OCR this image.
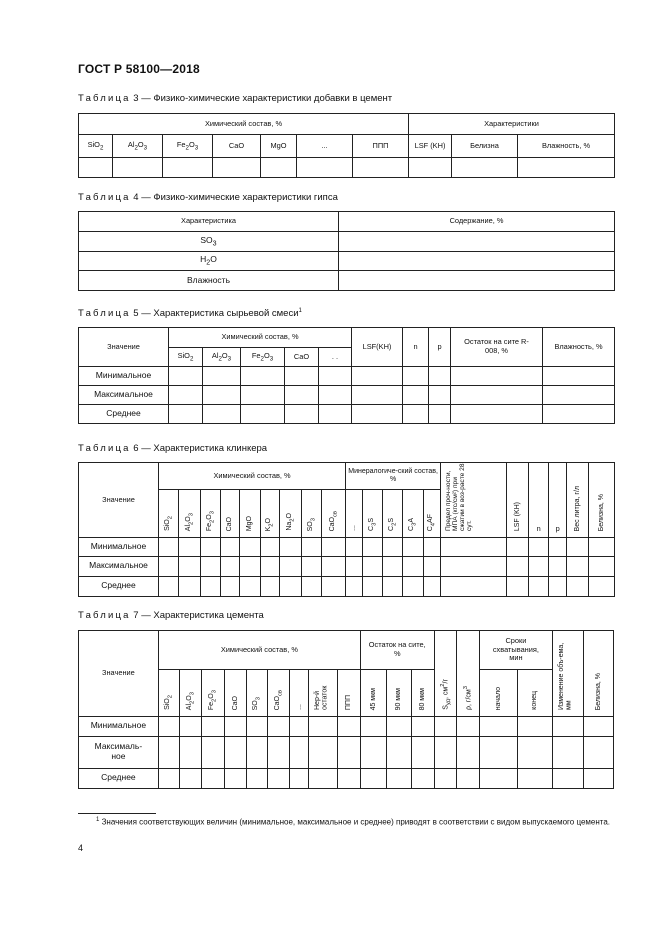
ГОСТ Р 58100—2018
Таблица 3 — Физико-химические характеристики добавки в цемент
Химический состав, %							Характеристики		
SiO$_2$	$Al_2O_3$	$Fe_2O_3$	CaO	MgO	...	ППП	LSF (KH)	Белизна	Влажность, %

Таблица 4 — Физико-химические характеристики гипса
Характеристика	Содержание, %
$SO_3$	
$H_2O$	
Влажность	
Таблица 5 — Характеристика сырьевой смеси$^1$
Значение	Химический состав, %					LSF(KH)	n	p	Остаток на сите R-008, %	Влажность, %
	SiO$_2$	$Al_2O_3$	$Fe_2O_3$	CaO	. .					
Минимальное										
Максимальное										
Среднее										
Таблица 6 — Характеристика клинкера
Значение	Химический состав, %									Минералогиче-ский состав, %					Предел проч-ности, МПА (кгс/см²) при сжатии в воз-расте 28 сут.	LSF (KH)	n	p	Вес литра, г/л	Белизна, %
	SiO$_2$	$Al_2O_3$	$Fe_2O_3$	CaO	MgO	$K_2O$	$Na_2O$	$SO_3$	CaO$_{св}$	...	$C_3S$	$C_2S$	$C_3A$	$C_4AF$						
Минимальное																				
Максимальное																				
Среднее																				
Таблица 7 — Характеристика цемента
Значение	Химический состав, %									Остаток на сите, %			$S_{уд}$, $см^2/г$	ρ, $г/см^3$	Сроки схватывания, мин		Изменение объ-ема, мм	Белизна, %
	SiO$_2$	$Al_2O_3$	$Fe_2O_3$	CaO	$SO_3$	CaO$_{св}$	...	Нер-й остаток	ППП	45 мкм	90 мкм	80 мкм			начало	конец		
Минимальное																		
Максималь-ное																		
Среднее																		
$^1$ Значения соответствующих величин (минимальное, максимальное и среднее) приводят в соответствии с видом выпускаемого цемента.
4
